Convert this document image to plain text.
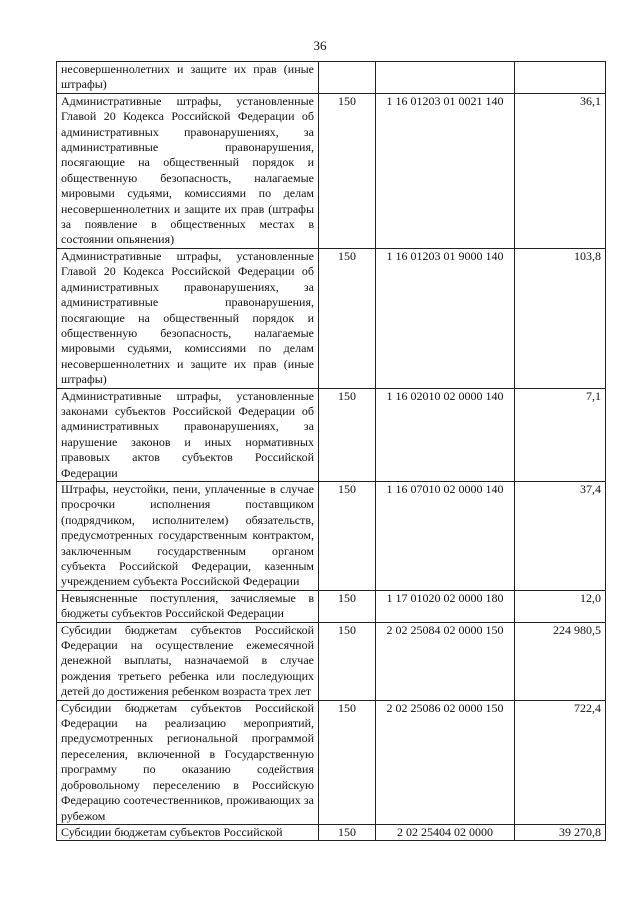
36
несовершеннолетних и защите их прав (иные штрафы)			
Административные штрафы, установленные Главой 20 Кодекса Российской Федерации об административных правонарушениях, за административные правонарушения, посягающие на общественный порядок и общественную безопасность, налагаемые мировыми судьями, комиссиями по делам несовершеннолетних и защите их прав (штрафы за появление в общественных местах в состоянии опьянения)	150	1 16 01203 01 0021 140	36,1
Административные штрафы, установленные Главой 20 Кодекса Российской Федерации об административных правонарушениях, за административные правонарушения, посягающие на общественный порядок и общественную безопасность, налагаемые мировыми судьями, комиссиями по делам несовершеннолетних и защите их прав (иные штрафы)	150	1 16 01203 01 9000 140	103,8
Административные штрафы, установленные законами субъектов Российской Федерации об административных правонарушениях, за нарушение законов и иных нормативных правовых актов субъектов Российской Федерации	150	1 16 02010 02 0000 140	7,1
Штрафы, неустойки, пени, уплаченные в случае просрочки исполнения поставщиком (подрядчиком, исполнителем) обязательств, предусмотренных государственным контрактом, заключенным государственным органом субъекта Российской Федерации, казенным учреждением субъекта Российской Федерации	150	1 16 07010 02 0000 140	37,4
Невыясненные поступления, зачисляемые в бюджеты субъектов Российской Федерации	150	1 17 01020 02 0000 180	12,0
Субсидии бюджетам субъектов Российской Федерации на осуществление ежемесячной денежной выплаты, назначаемой в случае рождения третьего ребенка или последующих детей до достижения ребенком возраста трех лет	150	2 02 25084 02 0000 150	224 980,5
Субсидии бюджетам субъектов Российской Федерации на реализацию мероприятий, предусмотренных региональной программой переселения, включенной в Государственную программу по оказанию содействия добровольному переселению в Российскую Федерацию соотечественников, проживающих за рубежом	150	2 02 25086 02 0000 150	722,4
Субсидии бюджетам субъектов Российской	150	2 02 25404 02 0000	39 270,8
